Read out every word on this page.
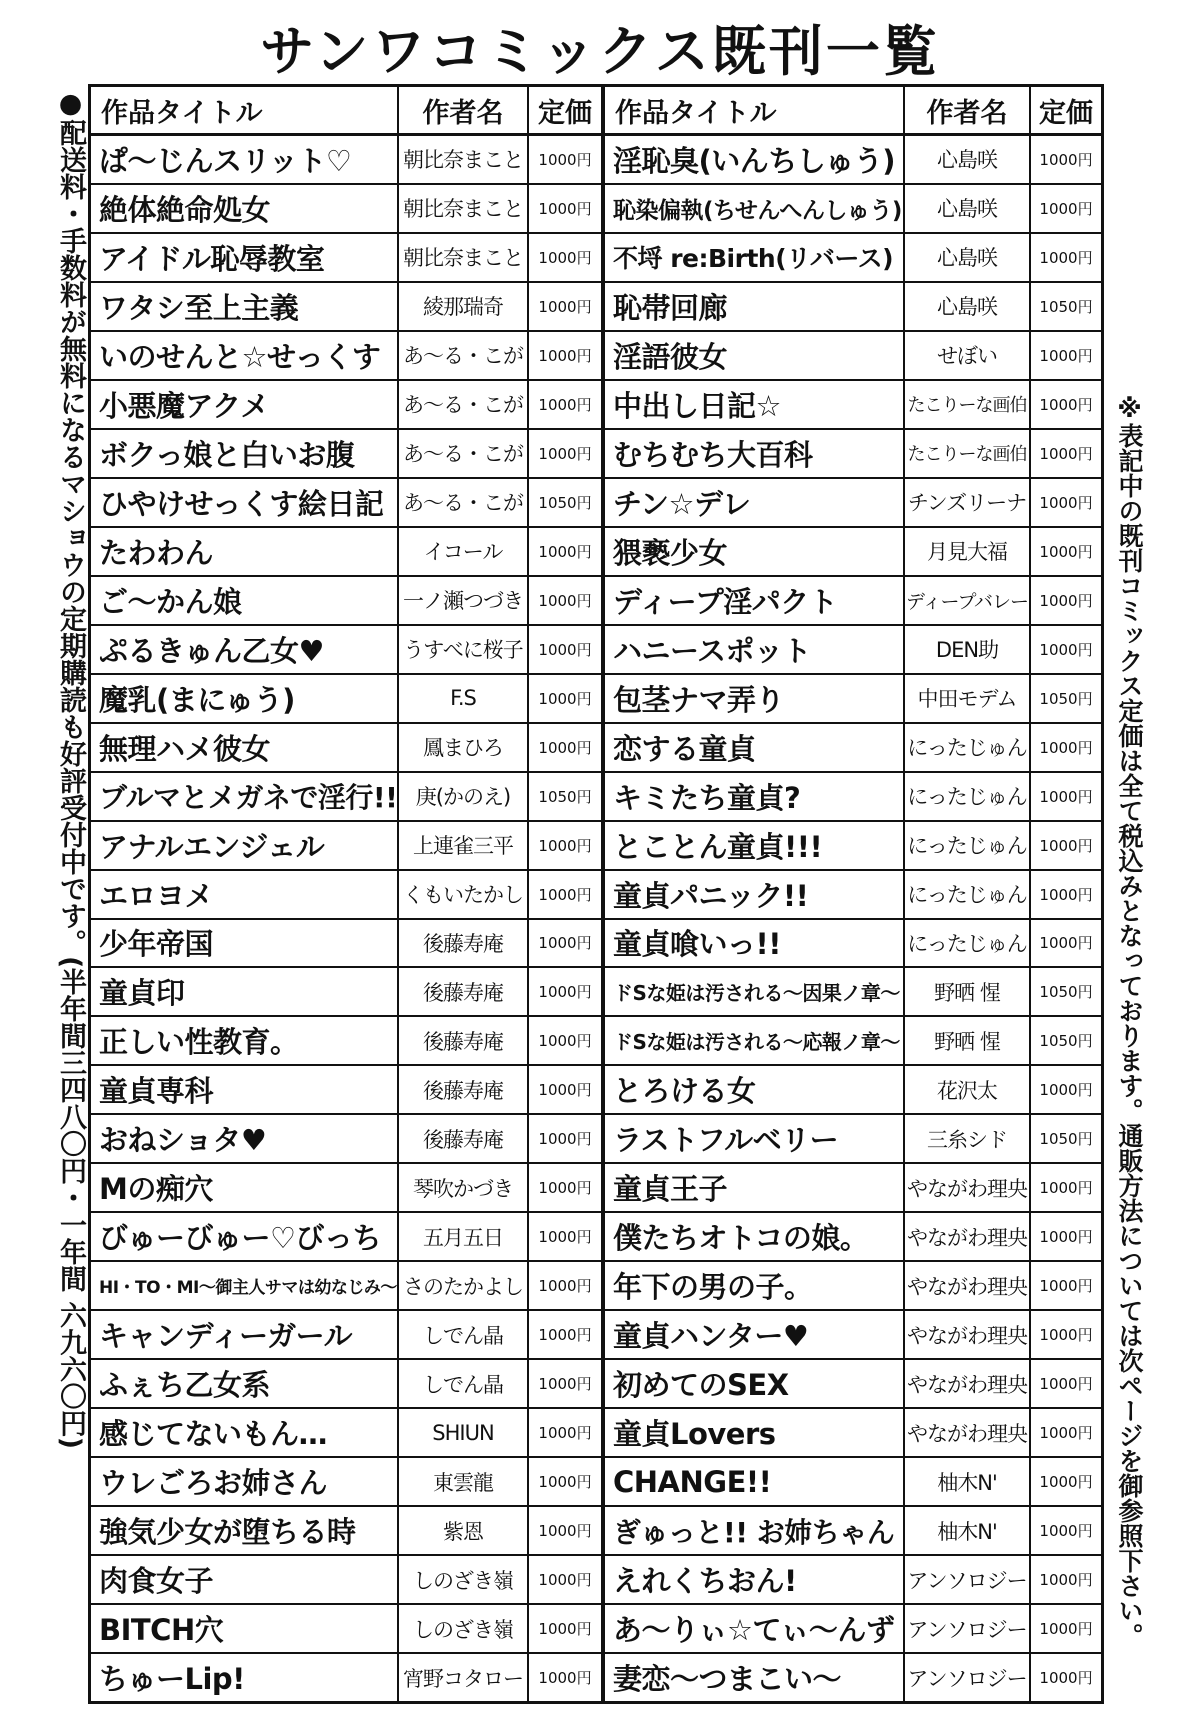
サンワコミックス既刊一覧
●配送料・手数料が無料になるマショウの定期購読も好評受付中です。(半年間三四八〇円・一年間 六九六〇円)	※表記中の既刊コミックス定価は全て税込みとなっております。通販方法については次ページを御参照下さい。
作品タイトル	作者名	定価 作品タイトル	作者名	定価
ぱ〜じんスリット♡	朝比奈まこと	1000円 淫恥臭(いんちしゅう)	心島咲	1000円
絶体絶命処女	朝比奈まこと	1000円 恥染偏執(ちせんへんしゅう)	心島咲	1000円
アイドル恥辱教室	朝比奈まこと	1000円 不埒 re:Birth(リバース)	心島咲	1000円
ワタシ至上主義	綾那瑞奇	1000円 恥帯回廊	心島咲	1050円
いのせんと☆せっくす	あ〜る・こが	1000円 淫語彼女	せぼい	1000円
小悪魔アクメ	あ〜る・こが	1000円 中出し日記☆	たこりーな画伯 1000円
ボクっ娘と白いお腹	あ〜る・こが	1000円 むちむち大百科	たこりーな画伯 1000円
ひやけせっくす絵日記 あ〜る・こが	1050円 チン☆デレ	チンズリーナ 1000円
たわわん	イコール	1000円 猥褻少女	月見大福	1000円
ご〜かん娘	一ノ瀬つづき	1000円 ディープ淫パクト	ディープバレー 1000円
ぷるきゅん乙女♥	うすべに桜子	1000円 ハニースポット	DEN助	1000円
魔乳(まにゅう)	F.S	1000円 包茎ナマ弄り	中田モデム	1050円
無理ハメ彼女	鳳まひろ	1000円 恋する童貞	にったじゅん 1000円
ブルマとメガネで淫行!! 庚(かのえ)	1050円 キミたち童貞?	にったじゅん 1000円
アナルエンジェル	上連雀三平	1000円 とことん童貞!!!	にったじゅん 1000円
エロヨメ	くもいたかし	1000円 童貞パニック!!	にったじゅん 1000円
少年帝国	後藤寿庵	1000円 童貞喰いっ!!	にったじゅん 1000円
童貞印	後藤寿庵	1000円	ドSな姫は汚される〜因果ノ章〜	野晒 惺	1050円
正しい性教育。	後藤寿庵	1000円	ドSな姫は汚される〜応報ノ章〜	野晒 惺	1050円
童貞専科	後藤寿庵	1000円 とろける女	花沢太	1000円
おねショタ♥	後藤寿庵	1000円 ラストフルベリー	三糸シド	1050円
Mの痴穴	琴吹かづき	1000円 童貞王子	やながわ理央 1000円
びゅーびゅー♡びっち	五月五日	1000円 僕たちオトコの娘。	やながわ理央 1000円
HI・TO・MI〜御主人サマは幼なじみ〜 さのたかよし	1000円 年下の男の子。	やながわ理央 1000円
キャンディーガール	しでん晶	1000円 童貞ハンター♥	やながわ理央 1000円
ふぇち乙女系	しでん晶	1000円 初めてのSEX	やながわ理央 1000円
感じてないもん…	SHIUN	1000円 童貞Lovers	やながわ理央 1000円
ウレごろお姉さん	東雲龍	1000円 CHANGE!!	柚木N'	1000円
強気少女が堕ちる時	紫恩	1000円 ぎゅっと!! お姉ちゃん	柚木N'	1000円
肉食女子	しのざき嶺	1000円 えれくちおん!	アンソロジー 1000円
BITCH穴	しのざき嶺	1000円 あ〜りぃ☆てぃ〜んず アンソロジー 1000円
ちゅーLip!	宵野コタロー	1000円 妻恋〜つまこい〜	アンソロジー 1000円
